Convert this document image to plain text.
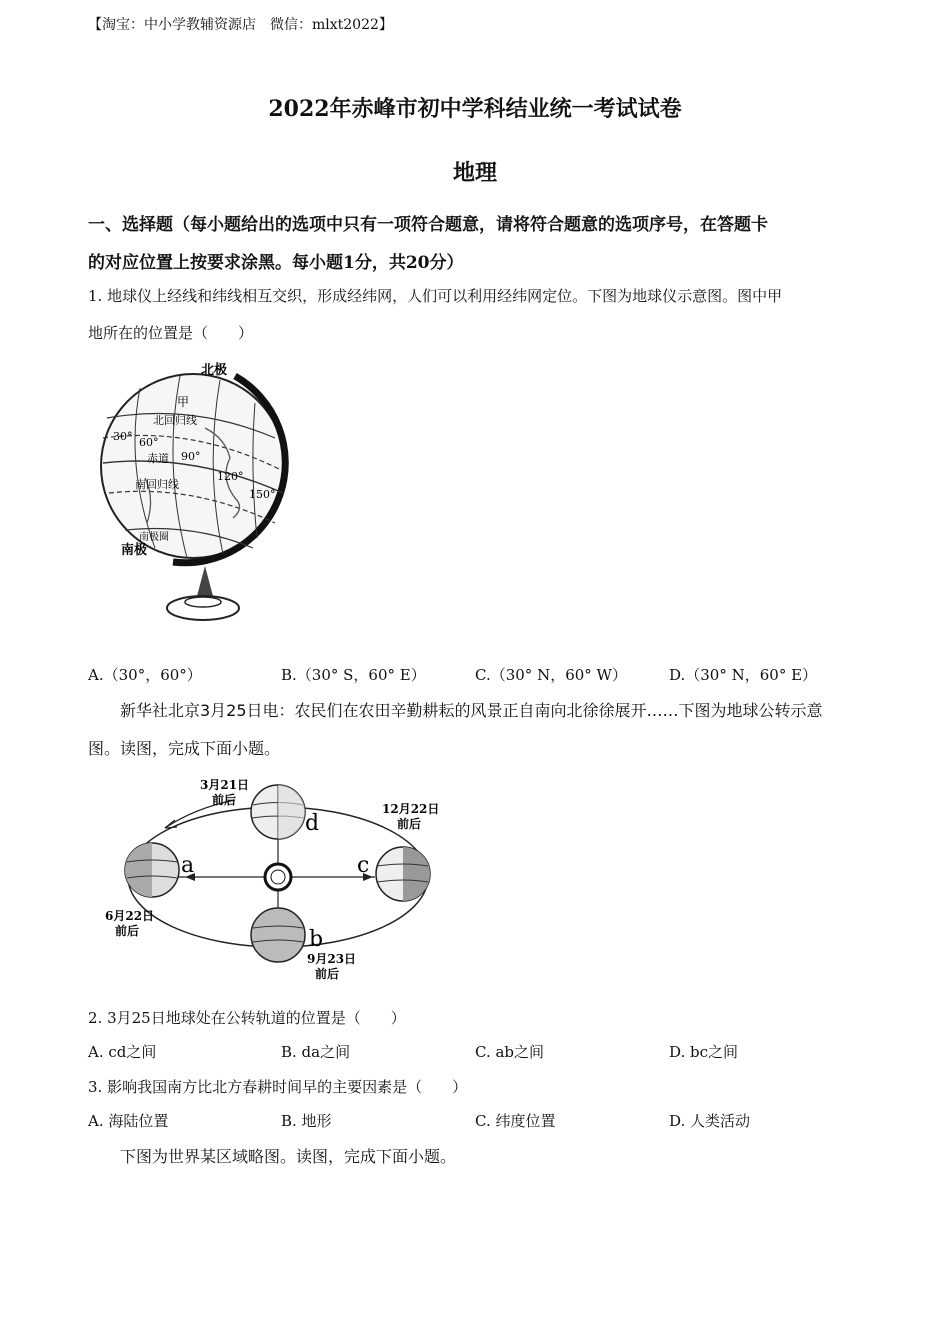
【淘宝：中小学教辅资源店　微信：mlxt2022】
2022年赤峰市初中学科结业统一考试试卷
地理
一、选择题（每小题给出的选项中只有一项符合题意，请将符合题意的选项序号，在答题卡
的对应位置上按要求涂黑。每小题1分，共20分）
1. 地球仪上经线和纬线相互交织，形成经纬网，人们可以利用经纬网定位。下图为地球仪示意图。图中甲
地所在的位置是（　　）
北极
甲
北回归线
30° 60°
赤道 90°
120°
150°
南回归线
南极圈
南极
A.（30°，60°）	B.（30° S，60° E）	C.（30° N，60° W）	D.（30° N，60° E）
新华社北京3月25日电：农民们在农田辛勤耕耘的风景正自南向北徐徐展开……下图为地球公转示意
图。读图，完成下面小题。
3月21日
前后
12月22日
前后
6月22日
前后
9月23日
前后
a
b
c
d
2. 3月25日地球处在公转轨道的位置是（　　）
A. cd之间	B. da之间	C. ab之间	D. bc之间
3. 影响我国南方比北方春耕时间早的主要因素是（　　）
A. 海陆位置	B. 地形	C. 纬度位置	D. 人类活动
下图为世界某区域略图。读图，完成下面小题。
